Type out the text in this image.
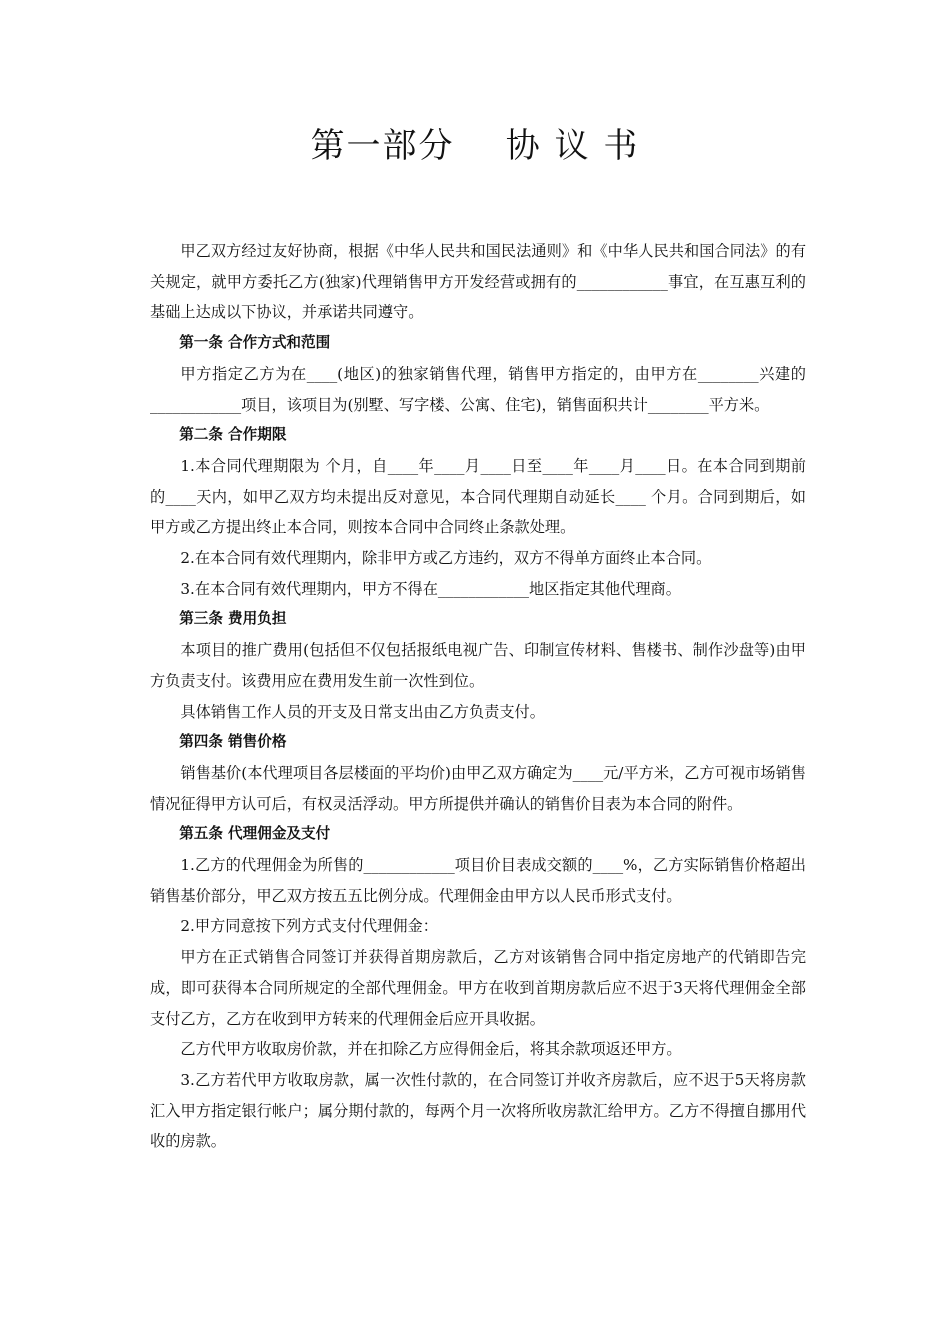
第一部分    协 议 书

甲乙双方经过友好协商，根据《中华人民共和国民法通则》和《中华人民共和国合同法》的有关规定，就甲方委托乙方(独家)代理销售甲方开发经营或拥有的____________事宜，在互惠互利的基础上达成以下协议，并承诺共同遵守。

第一条 合作方式和范围

甲方指定乙方为在____(地区)的独家销售代理，销售甲方指定的，由甲方在________兴建的____________项目，该项目为(别墅、写字楼、公寓、住宅)，销售面积共计________平方米。

第二条 合作期限

1.本合同代理期限为 个月，自____年____月____日至____年____月____日。在本合同到期前的____天内，如甲乙双方均未提出反对意见，本合同代理期自动延长____ 个月。合同到期后，如甲方或乙方提出终止本合同，则按本合同中合同终止条款处理。

2.在本合同有效代理期内，除非甲方或乙方违约，双方不得单方面终止本合同。

3.在本合同有效代理期内，甲方不得在____________地区指定其他代理商。

第三条 费用负担

本项目的推广费用(包括但不仅包括报纸电视广告、印制宣传材料、售楼书、制作沙盘等)由甲方负责支付。该费用应在费用发生前一次性到位。

具体销售工作人员的开支及日常支出由乙方负责支付。

第四条 销售价格

销售基价(本代理项目各层楼面的平均价)由甲乙双方确定为____元/平方米，乙方可视市场销售情况征得甲方认可后，有权灵活浮动。甲方所提供并确认的销售价目表为本合同的附件。

第五条 代理佣金及支付

1.乙方的代理佣金为所售的____________项目价目表成交额的____%，乙方实际销售价格超出销售基价部分，甲乙双方按五五比例分成。代理佣金由甲方以人民币形式支付。

2.甲方同意按下列方式支付代理佣金：

甲方在正式销售合同签订并获得首期房款后，乙方对该销售合同中指定房地产的代销即告完成，即可获得本合同所规定的全部代理佣金。甲方在收到首期房款后应不迟于3天将代理佣金全部支付乙方，乙方在收到甲方转来的代理佣金后应开具收据。

乙方代甲方收取房价款，并在扣除乙方应得佣金后，将其余款项返还甲方。

3.乙方若代甲方收取房款，属一次性付款的，在合同签订并收齐房款后，应不迟于5天将房款汇入甲方指定银行帐户；属分期付款的，每两个月一次将所收房款汇给甲方。乙方不得擅自挪用代收的房款。
